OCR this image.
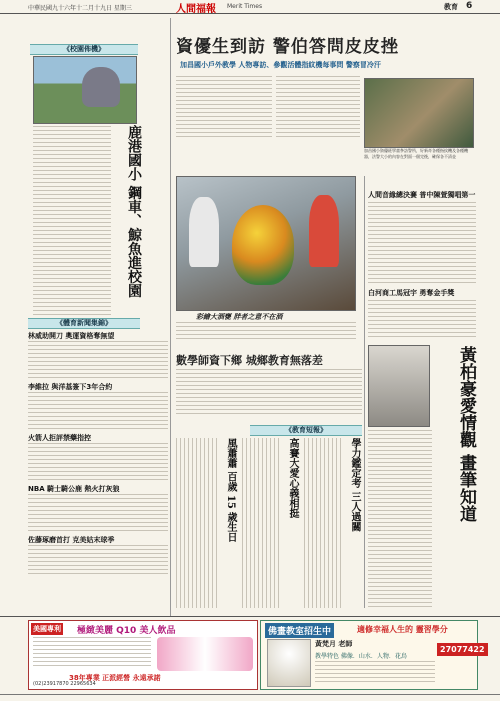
中華民國九十六年十二月十九日 星期三	人間福報 Merit Times	教育 6
《校園佈機》
鹿港國小 鋼車、鯨魚進校園
《體育新聞集錦》
林威助開刀 奧運資格奪無望
李維拉 與洋基簽下3年合約
火箭人拒評禁藥指控
NBA 騎士騎公鹿 熱火打灰狼
佐藤琢磨首打 克美姑末球季
資優生到訪 警伯答問皮皮挫
加昌國小戶外教學 人物專訪、參觀活體指紋機每事問 警察冒冷汗
加昌國小資優班學童參訪警所，好新奇各種指紋機及各種機器，法警大小的內容在對面一個完後，確保各不清並
彩繪大酒甕 胖者之意不在酒
數學師資下鄉 城鄉教育無落差
《教育短報》
風蕭蕭 百歲 15 歲生日	高賽大愛心義相挺	學力鑑定考 三人過關
人間音緣總決賽 普中陳萱獨唱第一
白河商工馬冠宇 勇奪金手獎
黃柏豪愛情觀 畫筆知道
美國專利 極緻美麗 Q10 美人飲品
38年專業 正派經營 永遠承諾
(02)23917870 22965634
佛畫教室招生中	適修幸福人生的 靈習學分
黃梵月 老師
教學特色 佛像．山水．人物．花鳥
27077422
